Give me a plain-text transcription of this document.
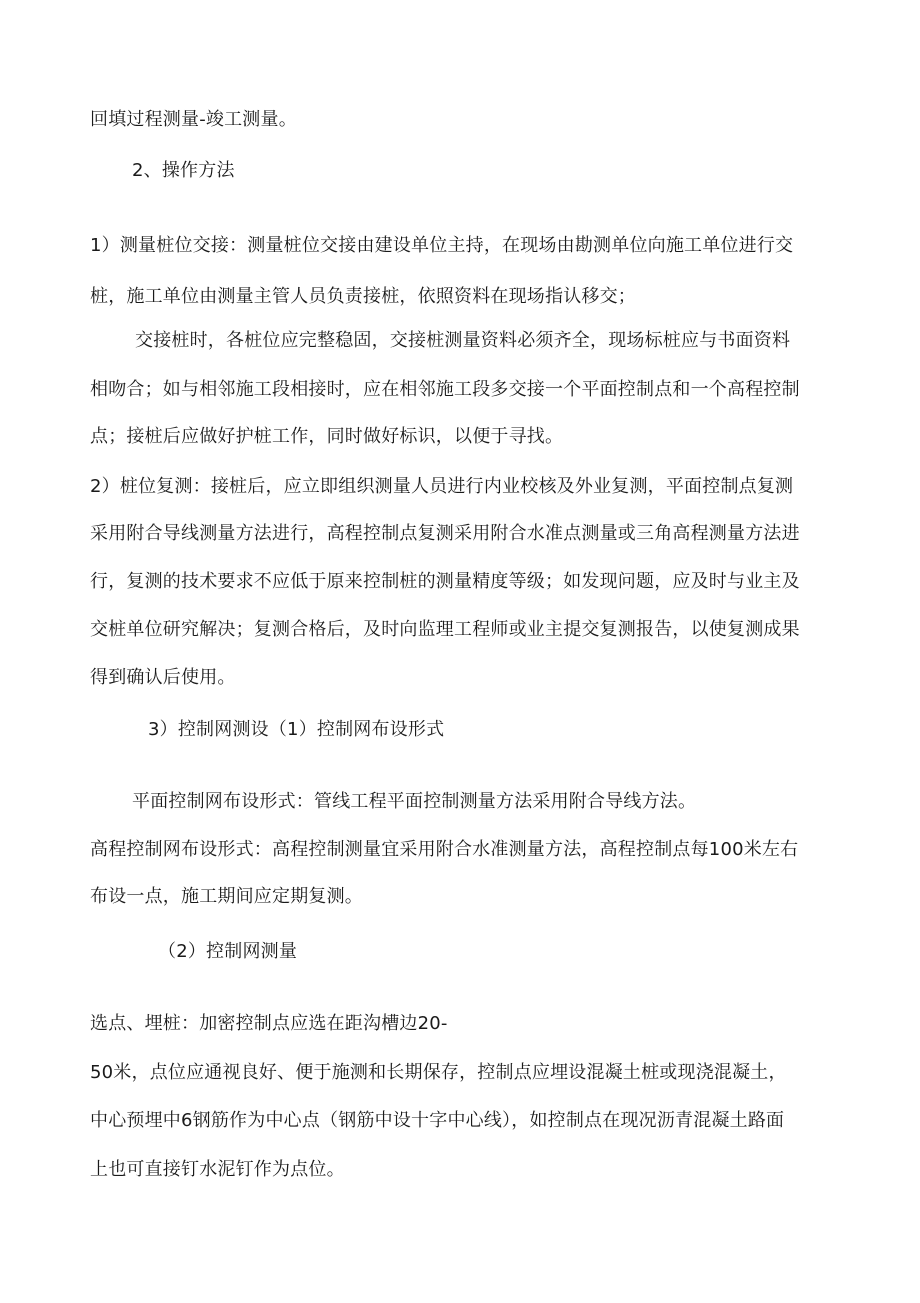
回填过程测量-竣工测量。
2、操作方法
1）测量桩位交接：测量桩位交接由建设单位主持，在现场由勘测单位向施工单位进行交
桩，施工单位由测量主管人员负责接桩，依照资料在现场指认移交；
交接桩时，各桩位应完整稳固，交接桩测量资料必须齐全，现场标桩应与书面资料
相吻合；如与相邻施工段相接时，应在相邻施工段多交接一个平面控制点和一个高程控制
点；接桩后应做好护桩工作，同时做好标识，以便于寻找。
2）桩位复测：接桩后，应立即组织测量人员进行内业校核及外业复测，平面控制点复测
采用附合导线测量方法进行，高程控制点复测采用附合水准点测量或三角高程测量方法进
行，复测的技术要求不应低于原来控制桩的测量精度等级；如发现问题，应及时与业主及
交桩单位研究解决；复测合格后，及时向监理工程师或业主提交复测报告，以使复测成果
得到确认后使用。
3）控制网测设（1）控制网布设形式
平面控制网布设形式：管线工程平面控制测量方法采用附合导线方法。
高程控制网布设形式：高程控制测量宜采用附合水准测量方法，高程控制点每100米左右
布设一点，施工期间应定期复测。
（2）控制网测量
选点、埋桩：加密控制点应选在距沟槽边20-
50米，点位应通视良好、便于施测和长期保存，控制点应埋设混凝土桩或现浇混凝土，
中心预埋中6钢筋作为中心点（钢筋中设十字中心线），如控制点在现况沥青混凝土路面
上也可直接钉水泥钉作为点位。
